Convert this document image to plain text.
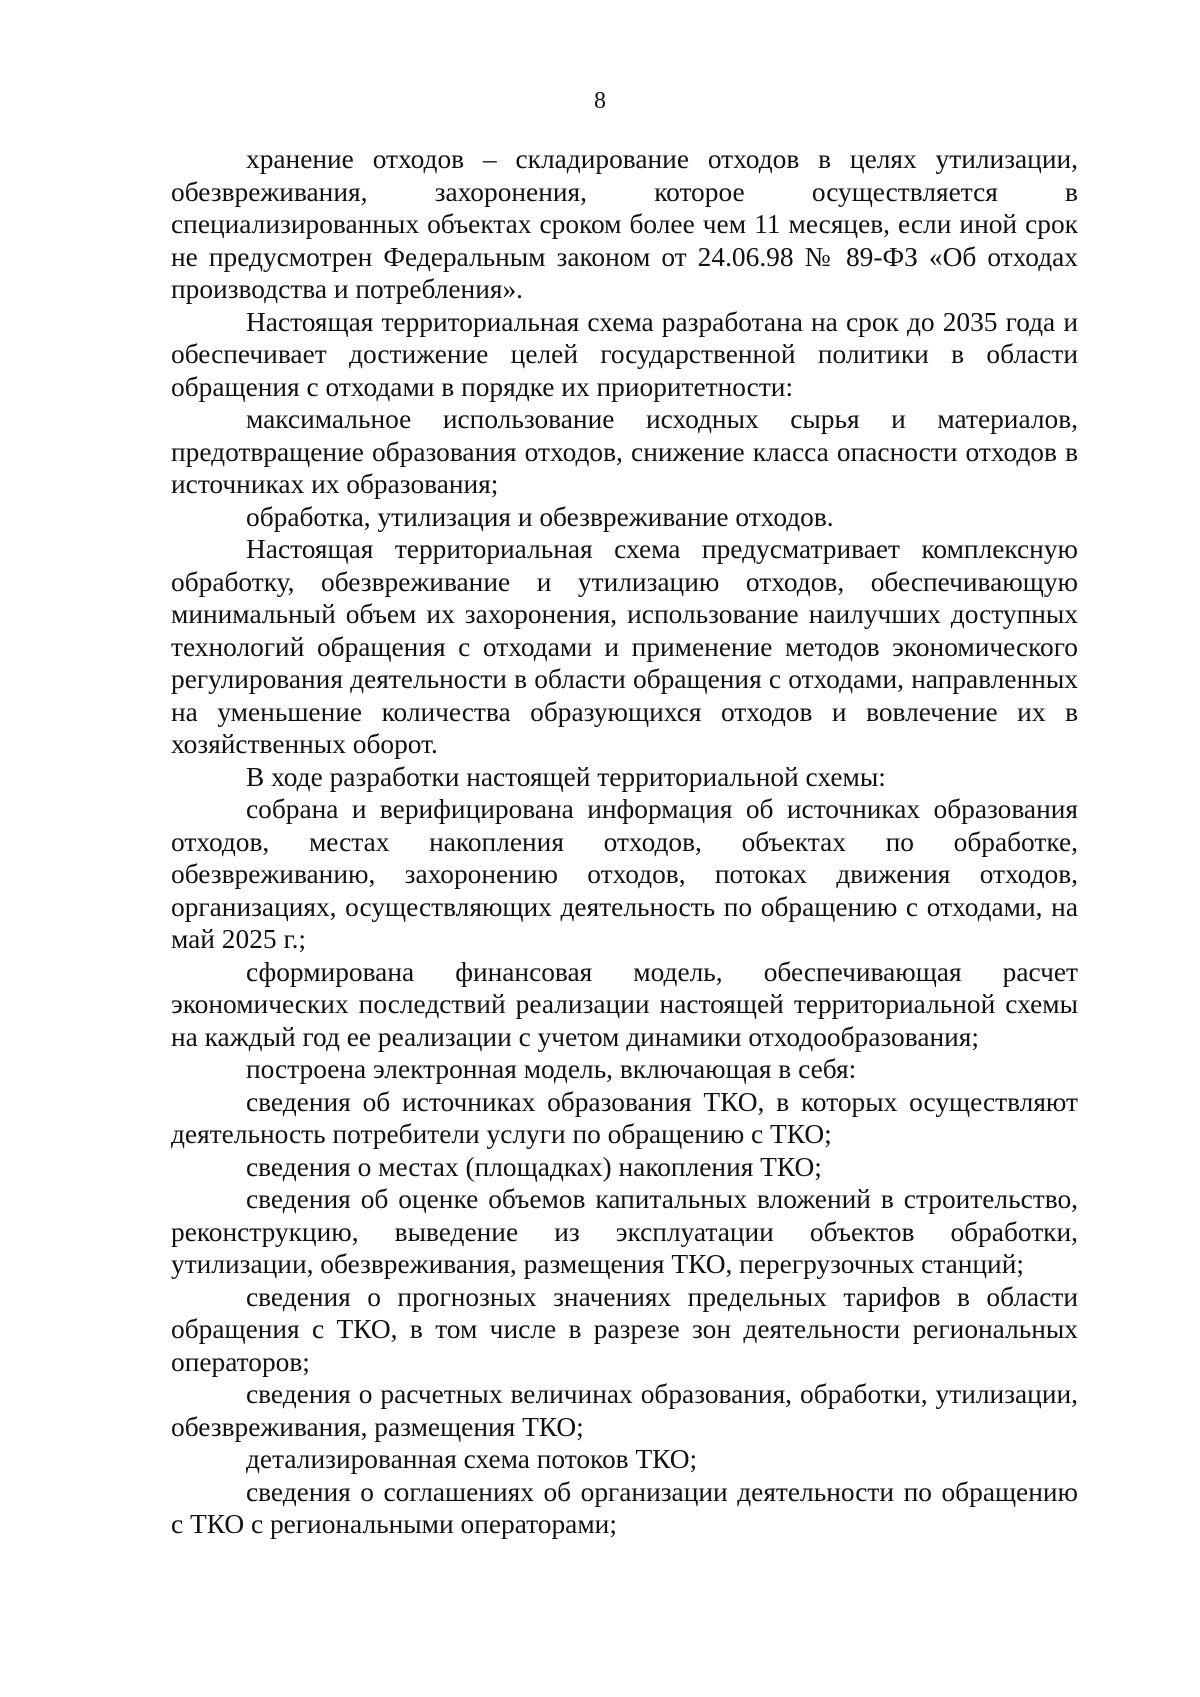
8

хранение отходов – складирование отходов в целях утилизации, обезвреживания, захоронения, которое осуществляется в специализированных объектах сроком более чем 11 месяцев, если иной срок не предусмотрен Федеральным законом от 24.06.98 № 89-ФЗ «Об отходах производства и потребления».

Настоящая территориальная схема разработана на срок до 2035 года и обеспечивает достижение целей государственной политики в области обращения с отходами в порядке их приоритетности:

максимальное использование исходных сырья и материалов, предотвращение образования отходов, снижение класса опасности отходов в источниках их образования;

обработка, утилизация и обезвреживание отходов.

Настоящая территориальная схема предусматривает комплексную обработку, обезвреживание и утилизацию отходов, обеспечивающую минимальный объем их захоронения, использование наилучших доступных технологий обращения с отходами и применение методов экономического регулирования деятельности в области обращения с отходами, направленных на уменьшение количества образующихся отходов и вовлечение их в хозяйственных оборот.

В ходе разработки настоящей территориальной схемы:

собрана и верифицирована информация об источниках образования отходов, местах накопления отходов, объектах по обработке, обезвреживанию, захоронению отходов, потоках движения отходов, организациях, осуществляющих деятельность по обращению с отходами, на май 2025 г.;

сформирована финансовая модель, обеспечивающая расчет экономических последствий реализации настоящей территориальной схемы на каждый год ее реализации с учетом динамики отходообразования;

построена электронная модель, включающая в себя:

сведения об источниках образования ТКО, в которых осуществляют деятельность потребители услуги по обращению с ТКО;

сведения о местах (площадках) накопления ТКО;

сведения об оценке объемов капитальных вложений в строительство, реконструкцию, выведение из эксплуатации объектов обработки, утилизации, обезвреживания, размещения ТКО, перегрузочных станций;

сведения о прогнозных значениях предельных тарифов в области обращения с ТКО, в том числе в разрезе зон деятельности региональных операторов;

сведения о расчетных величинах образования, обработки, утилизации, обезвреживания, размещения ТКО;

детализированная схема потоков ТКО;

сведения о соглашениях об организации деятельности по обращению с ТКО с региональными операторами;
